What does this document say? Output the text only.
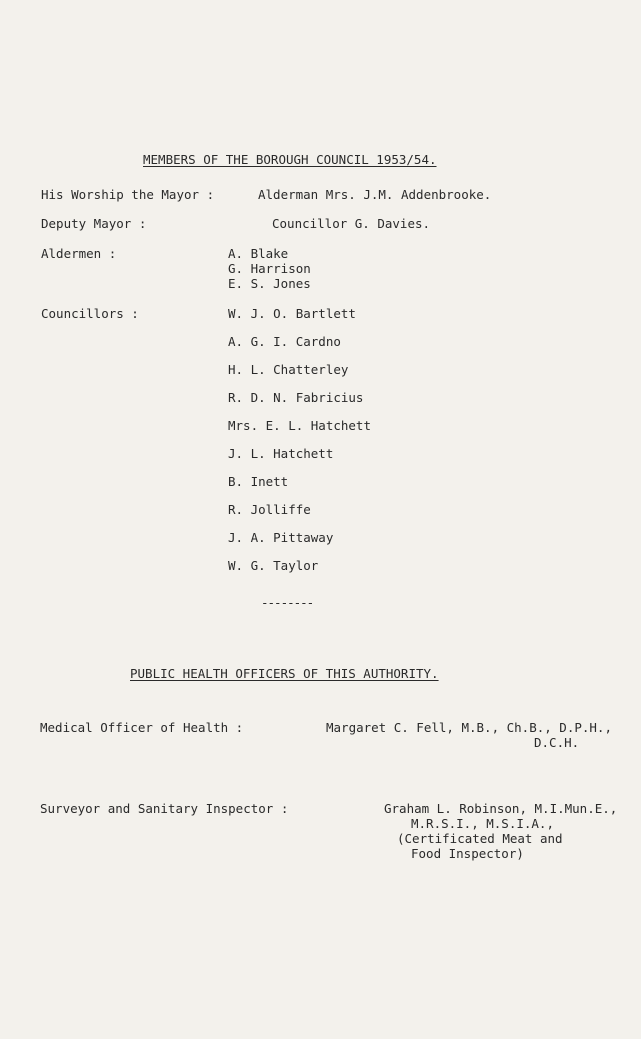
MEMBERS OF THE BOROUGH COUNCIL 1953/54.
His Worship the Mayor :	Alderman Mrs. J.M. Addenbrooke.
Deputy Mayor :	Councillor G. Davies.
Aldermen :	A. Blake
G. Harrison
E. S. Jones
Councillors :	W. J. O. Bartlett
A. G. I. Cardno
H. L. Chatterley
R. D. N. Fabricius
Mrs. E. L. Hatchett
J. L. Hatchett
B. Inett
R. Jolliffe
J. A. Pittaway
W. G. Taylor
--------
PUBLIC HEALTH OFFICERS OF THIS AUTHORITY.
Medical Officer of Health :	Margaret C. Fell, M.B., Ch.B., D.P.H.,
D.C.H.
Surveyor and Sanitary Inspector :	Graham L. Robinson, M.I.Mun.E.,
M.R.S.I., M.S.I.A.,
(Certificated Meat and
Food Inspector)
